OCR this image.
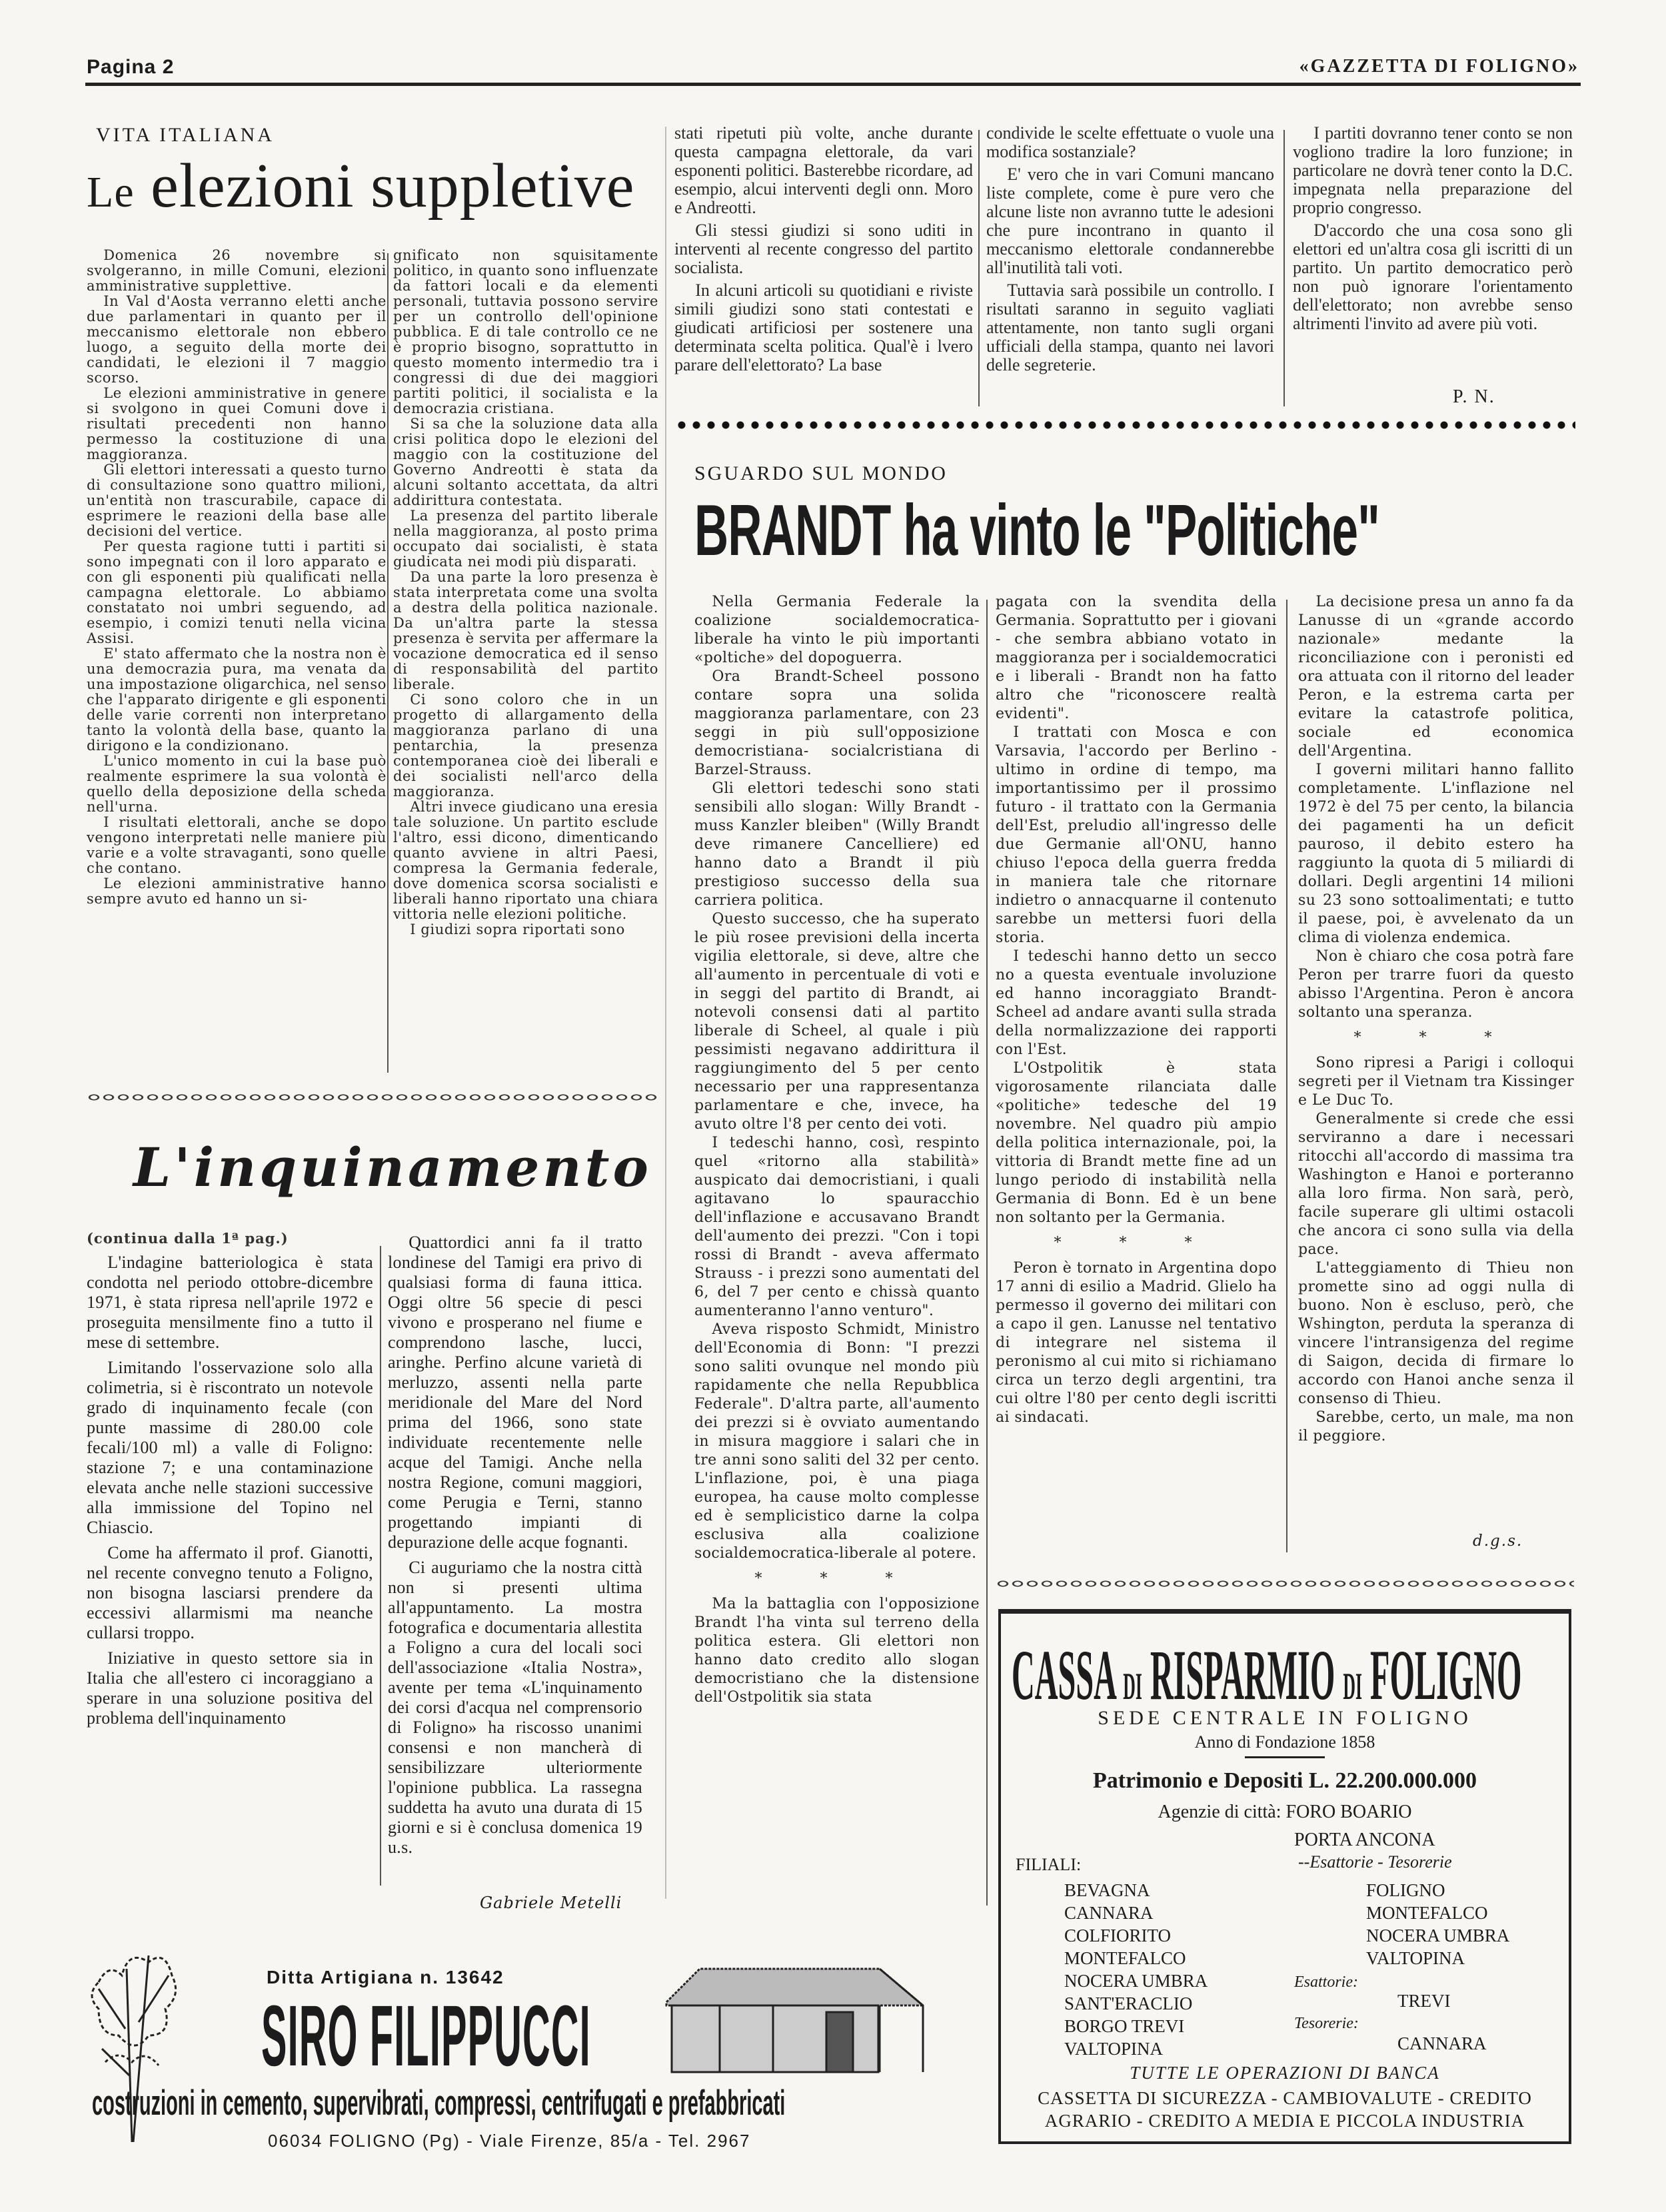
Pagina 2	«GAZZETTA DI FOLIGNO»
VITA ITALIANA
Le elezioni suppletive

Domenica 26 novembre si svolgeranno, in mille Comuni, elezioni amministrative supplettive.

In Val d'Aosta verranno eletti anche due parlamentari in quanto per il meccanismo elettorale non ebbero luogo, a seguito della morte dei candidati, le elezioni il 7 maggio scorso.

Le elezioni amministrative in genere si svolgono in quei Comuni dove i risultati precedenti non hanno permesso la costituzione di una maggioranza.

Gli elettori interessati a questo turno di consultazione sono quattro milioni, un'entità non trascurabile, capace di esprimere le reazioni della base alle decisioni del vertice.

Per questa ragione tutti i partiti si sono impegnati con il loro apparato e con gli esponenti più qualificati nella campagna elettorale. Lo abbiamo constatato noi umbri seguendo, ad esempio, i comizi tenuti nella vicina Assisi.

E' stato affermato che la nostra non è una democrazia pura, ma venata da una impostazione oligarchica, nel senso che l'apparato dirigente e gli esponenti delle varie correnti non interpretano tanto la volontà della base, quanto la dirigono e la condizionano.

L'unico momento in cui la base può realmente esprimere la sua volontà è quello della deposizione della scheda nell'urna.

I risultati elettorali, anche se dopo vengono interpretati nelle maniere più varie e a volte stravaganti, sono quelle che contano.

Le elezioni amministrative hanno sempre avuto ed hanno un si-

gnificato non squisitamente politico, in quanto sono influenzate da fattori locali e da elementi personali, tuttavia possono servire per un controllo dell'opinione pubblica. E di tale controllo ce ne è proprio bisogno, soprattutto in questo momento intermedio tra i congressi di due dei maggiori partiti politici, il socialista e la democrazia cristiana.

Si sa che la soluzione data alla crisi politica dopo le elezioni del maggio con la costituzione del Governo Andreotti è stata da alcuni soltanto accettata, da altri addirittura contestata.

La presenza del partito liberale nella maggioranza, al posto prima occupato dai socialisti, è stata giudicata nei modi più disparati.

Da una parte la loro presenza è stata interpretata come una svolta a destra della politica nazionale. Da un'altra parte la stessa presenza è servita per affermare la vocazione democratica ed il senso di responsabilità del partito liberale.

Ci sono coloro che in un progetto di allargamento della maggioranza parlano di una pentarchia, la presenza contemporanea cioè dei liberali e dei socialisti nell'arco della maggioranza.

Altri invece giudicano una eresia tale soluzione. Un partito esclude l'altro, essi dicono, dimenticando quanto avviene in altri Paesi, compresa la Germania federale, dove domenica scorsa socialisti e liberali hanno riportato una chiara vittoria nelle elezioni politiche.

I giudizi sopra riportati sono

stati ripetuti più volte, anche durante questa campagna elettorale, da vari esponenti politici. Basterebbe ricordare, ad esempio, alcui interventi degli onn. Moro e Andreotti.

Gli stessi giudizi si sono uditi in interventi al recente congresso del partito socialista.

In alcuni articoli su quotidiani e riviste simili giudizi sono stati contestati e giudicati artificiosi per sostenere una determinata scelta politica. Qual'è i lvero parare dell'elettorato? La base

condivide le scelte effettuate o vuole una modifica sostanziale?

E' vero che in vari Comuni mancano liste complete, come è pure vero che alcune liste non avranno tutte le adesioni che pure incontrano in quanto il meccanismo elettorale condannerebbe all'inutilità tali voti.

Tuttavia sarà possibile un controllo. I risultati saranno in seguito vagliati attentamente, non tanto sugli organi ufficiali della stampa, quanto nei lavori delle segreterie.

I partiti dovranno tener conto se non vogliono tradire la loro funzione; in particolare ne dovrà tener conto la D.C. impegnata nella preparazione del proprio congresso.

D'accordo che una cosa sono gli elettori ed un'altra cosa gli iscritti di un partito. Un partito democratico però non può ignorare l'orientamento dell'elettorato; non avrebbe senso altrimenti l'invito ad avere più voti.

P. N.
SGUARDO SUL MONDO
BRANDT ha vinto le "Politiche"

Nella Germania Federale la coalizione socialdemocratica-liberale ha vinto le più importanti «poltiche» del dopoguerra.

Ora Brandt-Scheel possono contare sopra una solida maggioranza parlamentare, con 23 seggi in più sull'opposizione democristiana- socialcristiana di Barzel-Strauss.

Gli elettori tedeschi sono stati sensibili allo slogan: Willy Brandt - muss Kanzler bleiben" (Willy Brandt deve rimanere Cancelliere) ed hanno dato a Brandt il più prestigioso successo della sua carriera politica.

Questo successo, che ha superato le più rosee previsioni della incerta vigilia elettorale, si deve, altre che all'aumento in percentuale di voti e in seggi del partito di Brandt, ai notevoli consensi dati al partito liberale di Scheel, al quale i più pessimisti negavano addirittura il raggiungimento del 5 per cento necessario per una rappresentanza parlamentare e che, invece, ha avuto oltre l'8 per cento dei voti.

I tedeschi hanno, così, respinto quel «ritorno alla stabilità» auspicato dai democristiani, i quali agitavano lo spauracchio dell'inflazione e accusavano Brandt dell'aumento dei prezzi. "Con i topi rossi di Brandt - aveva affermato Strauss - i prezzi sono aumentati del 6, del 7 per cento e chissà quanto aumenteranno l'anno venturo".

Aveva risposto Schmidt, Ministro dell'Economia di Bonn: "I prezzi sono saliti ovunque nel mondo più rapidamente che nella Repubblica Federale". D'altra parte, all'aumento dei prezzi si è ovviato aumentando in misura maggiore i salari che in tre anni sono saliti del 32 per cento. L'inflazione, poi, è una piaga europea, ha cause molto complesse ed è semplicistico darne la colpa esclusiva alla coalizione socialdemocratica-liberale al potere.

* * *

Ma la battaglia con l'opposizione Brandt l'ha vinta sul terreno della politica estera. Gli elettori non hanno dato credito allo slogan democristiano che la distensione dell'Ostpolitik sia stata

pagata con la svendita della Germania. Soprattutto per i giovani - che sembra abbiano votato in maggioranza per i socialdemocratici e i liberali - Brandt non ha fatto altro che "riconoscere realtà evidenti".

I trattati con Mosca e con Varsavia, l'accordo per Berlino - ultimo in ordine di tempo, ma importantissimo per il prossimo futuro - il trattato con la Germania dell'Est, preludio all'ingresso delle due Germanie all'ONU, hanno chiuso l'epoca della guerra fredda in maniera tale che ritornare indietro o annacquarne il contenuto sarebbe un mettersi fuori della storia.

I tedeschi hanno detto un secco no a questa eventuale involuzione ed hanno incoraggiato Brandt-Scheel ad andare avanti sulla strada della normalizzazione dei rapporti con l'Est.

L'Ostpolitik è stata vigorosamente rilanciata dalle «politiche» tedesche del 19 novembre. Nel quadro più ampio della politica internazionale, poi, la vittoria di Brandt mette fine ad un lungo periodo di instabilità nella Germania di Bonn. Ed è un bene non soltanto per la Germania.

* * *

Peron è tornato in Argentina dopo 17 anni di esilio a Madrid. Glielo ha permesso il governo dei militari con a capo il gen. Lanusse nel tentativo di integrare nel sistema il peronismo al cui mito si richiamano circa un terzo degli argentini, tra cui oltre l'80 per cento degli iscritti ai sindacati.

La decisione presa un anno fa da Lanusse di un «grande accordo nazionale» medante la riconciliazione con i peronisti ed ora attuata con il ritorno del leader Peron, e la estrema carta per evitare la catastrofe politica, sociale ed economica dell'Argentina.

I governi militari hanno fallito completamente. L'inflazione nel 1972 è del 75 per cento, la bilancia dei pagamenti ha un deficit pauroso, il debito estero ha raggiunto la quota di 5 miliardi di dollari. Degli argentini 14 milioni su 23 sono sottoalimentati; e tutto il paese, poi, è avvelenato da un clima di violenza endemica.

Non è chiaro che cosa potrà fare Peron per trarre fuori da questo abisso l'Argentina. Peron è ancora soltanto una speranza.

* * *

Sono ripresi a Parigi i colloqui segreti per il Vietnam tra Kissinger e Le Duc To.

Generalmente si crede che essi serviranno a dare i necessari ritocchi all'accordo di massima tra Washington e Hanoi e porteranno alla loro firma. Non sarà, però, facile superare gli ultimi ostacoli che ancora ci sono sulla via della pace.

L'atteggiamento di Thieu non promette sino ad oggi nulla di buono. Non è escluso, però, che Wshington, perduta la speranza di vincere l'intransigenza del regime di Saigon, decida di firmare lo accordo con Hanoi anche senza il consenso di Thieu.

Sarebbe, certo, un male, ma non il peggiore.

d.g.s.
L'inquinamento
(continua dalla 1ª pag.)

L'indagine batteriologica è stata condotta nel periodo ottobre-dicembre 1971, è stata ripresa nell'aprile 1972 e proseguita mensilmente fino a tutto il mese di settembre.

Limitando l'osservazione solo alla colimetria, si è riscontrato un notevole grado di inquinamento fecale (con punte massime di 280.00 cole fecali/100 ml) a valle di Foligno: stazione 7; e una contaminazione elevata anche nelle stazioni successive alla immissione del Topino nel Chiascio.

Come ha affermato il prof. Gianotti, nel recente convegno tenuto a Foligno, non bisogna lasciarsi prendere da eccessivi allarmismi ma neanche cullarsi troppo.

Iniziative in questo settore sia in Italia che all'estero ci incoraggiano a sperare in una soluzione positiva del problema dell'inquinamento

Quattordici anni fa il tratto londinese del Tamigi era privo di qualsiasi forma di fauna ittica. Oggi oltre 56 specie di pesci vivono e prosperano nel fiume e comprendono lasche, lucci, aringhe. Perfino alcune varietà di merluzzo, assenti nella parte meridionale del Mare del Nord prima del 1966, sono state individuate recentemente nelle acque del Tamigi. Anche nella nostra Regione, comuni maggiori, come Perugia e Terni, stanno progettando impianti di depurazione delle acque fognanti.

Ci auguriamo che la nostra città non si presenti ultima all'appuntamento. La mostra fotografica e documentaria allestita a Foligno a cura del locali soci dell'associazione «Italia Nostra», avente per tema «L'inquinamento dei corsi d'acqua nel comprensorio di Foligno» ha riscosso unanimi consensi e non mancherà di sensibilizzare ulteriormente l'opinione pubblica. La rassegna suddetta ha avuto una durata di 15 giorni e si è conclusa domenica 19 u.s.

Gabriele Metelli
Ditta Artigiana n. 13642
SIRO FILIPPUCCI
costruzioni in cemento, supervibrati, compressi, centrifugati e prefabbricati
06034 FOLIGNO (Pg) - Viale Firenze, 85/a - Tel. 2967
CASSA DI RISPARMIO DI FOLIGNO
SEDE CENTRALE IN FOLIGNO
Anno di Fondazione 1858
Patrimonio e Depositi L. 22.200.000.000
Agenzie di città: FORO BOARIO
PORTA ANCONA
--Esattorie - Tesorerie
FILIALI:
BEVAGNA
CANNARA
COLFIORITO
MONTEFALCO
NOCERA UMBRA
SANT'ERACLIO
BORGO TREVI
VALTOPINA
FOLIGNO
MONTEFALCO
NOCERA UMBRA
VALTOPINA
Esattorie:
TREVI
Tesorerie:
CANNARA
TUTTE LE OPERAZIONI DI BANCA
CASSETTA DI SICUREZZA - CAMBIOVALUTE - CREDITO
AGRARIO - CREDITO A MEDIA E PICCOLA INDUSTRIA
